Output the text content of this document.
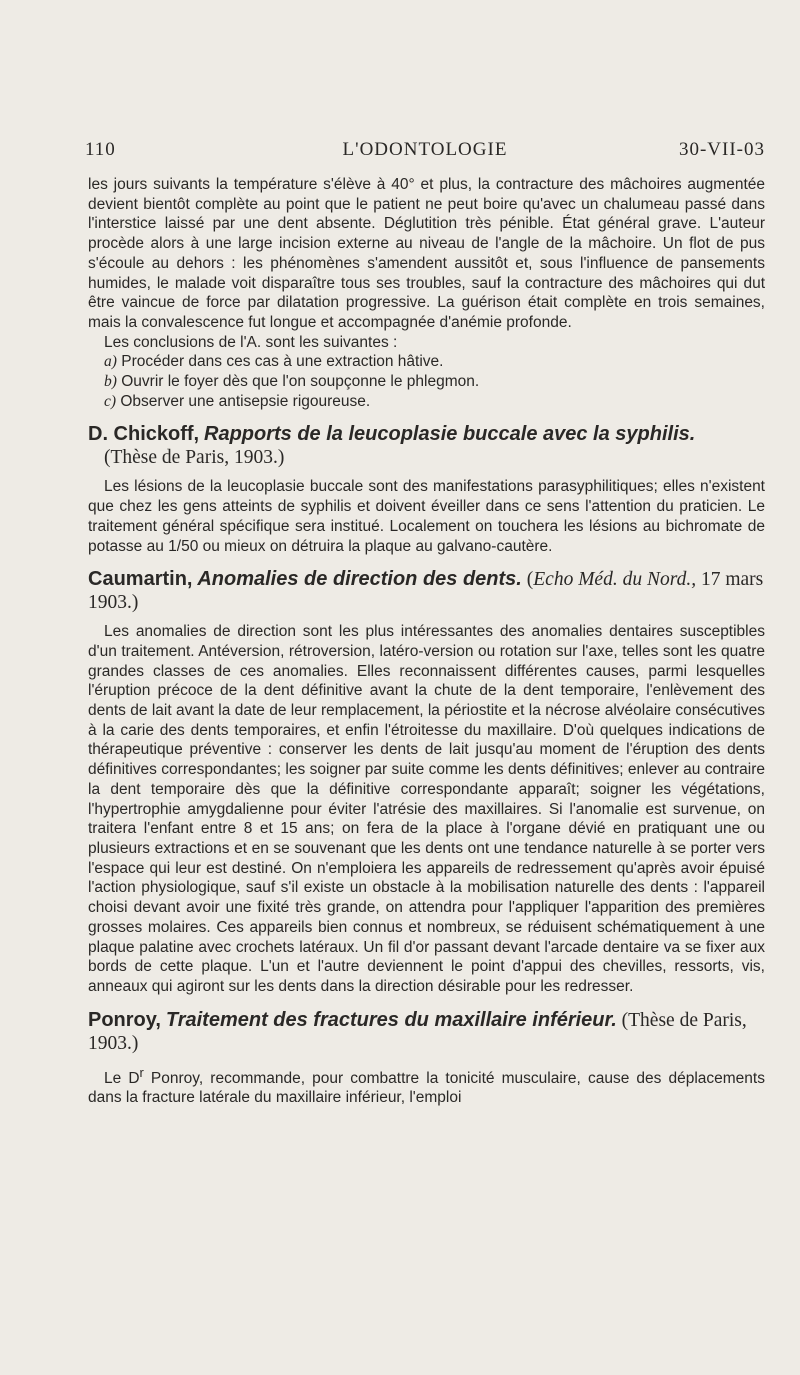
110	L'ODONTOLOGIE	30-VII-03

les jours suivants la température s'élève à 40° et plus, la contracture des mâchoires augmentée devient bientôt complète au point que le patient ne peut boire qu'avec un chalumeau passé dans l'interstice laissé par une dent absente. Déglutition très pénible. État général grave. L'auteur procède alors à une large incision externe au niveau de l'angle de la mâchoire. Un flot de pus s'écoule au dehors : les phénomènes s'amendent aussitôt et, sous l'influence de pansements humides, le malade voit disparaître tous ses troubles, sauf la contracture des mâchoires qui dut être vaincue de force par dilatation progressive. La guérison était complète en trois semaines, mais la convalescence fut longue et accompagnée d'anémie profonde.

Les conclusions de l'A. sont les suivantes :

a) Procéder dans ces cas à une extraction hâtive.

b) Ouvrir le foyer dès que l'on soupçonne le phlegmon.

c) Observer une antisepsie rigoureuse.

D. Chickoff, Rapports de la leucoplasie buccale avec la syphilis.
(Thèse de Paris, 1903.)

Les lésions de la leucoplasie buccale sont des manifestations parasyphilitiques; elles n'existent que chez les gens atteints de syphilis et doivent éveiller dans ce sens l'attention du praticien. Le traitement général spécifique sera institué. Localement on touchera les lésions au bichromate de potasse au 1/50 ou mieux on détruira la plaque au galvano-cautère.

Caumartin, Anomalies de direction des dents. (Echo Méd. du Nord., 17 mars 1903.)

Les anomalies de direction sont les plus intéressantes des anomalies dentaires susceptibles d'un traitement. Antéversion, rétroversion, latéro-version ou rotation sur l'axe, telles sont les quatre grandes classes de ces anomalies. Elles reconnaissent différentes causes, parmi lesquelles l'éruption précoce de la dent définitive avant la chute de la dent temporaire, l'enlèvement des dents de lait avant la date de leur remplacement, la périostite et la nécrose alvéolaire consécutives à la carie des dents temporaires, et enfin l'étroitesse du maxillaire. D'où quelques indications de thérapeutique préventive : conserver les dents de lait jusqu'au moment de l'éruption des dents définitives correspondantes; les soigner par suite comme les dents définitives; enlever au contraire la dent temporaire dès que la définitive correspondante apparaît; soigner les végétations, l'hypertrophie amygdalienne pour éviter l'atrésie des maxillaires. Si l'anomalie est survenue, on traitera l'enfant entre 8 et 15 ans; on fera de la place à l'organe dévié en pratiquant une ou plusieurs extractions et en se souvenant que les dents ont une tendance naturelle à se porter vers l'espace qui leur est destiné. On n'emploiera les appareils de redressement qu'après avoir épuisé l'action physiologique, sauf s'il existe un obstacle à la mobilisation naturelle des dents : l'appareil choisi devant avoir une fixité très grande, on attendra pour l'appliquer l'apparition des premières grosses molaires. Ces appareils bien connus et nombreux, se réduisent schématiquement à une plaque palatine avec crochets latéraux. Un fil d'or passant devant l'arcade dentaire va se fixer aux bords de cette plaque. L'un et l'autre deviennent le point d'appui des chevilles, ressorts, vis, anneaux qui agiront sur les dents dans la direction désirable pour les redresser.

Ponroy, Traitement des fractures du maxillaire inférieur. (Thèse de Paris, 1903.)

Le $D^r$ Ponroy, recommande, pour combattre la tonicité musculaire, cause des déplacements dans la fracture latérale du maxillaire inférieur, l'emploi
